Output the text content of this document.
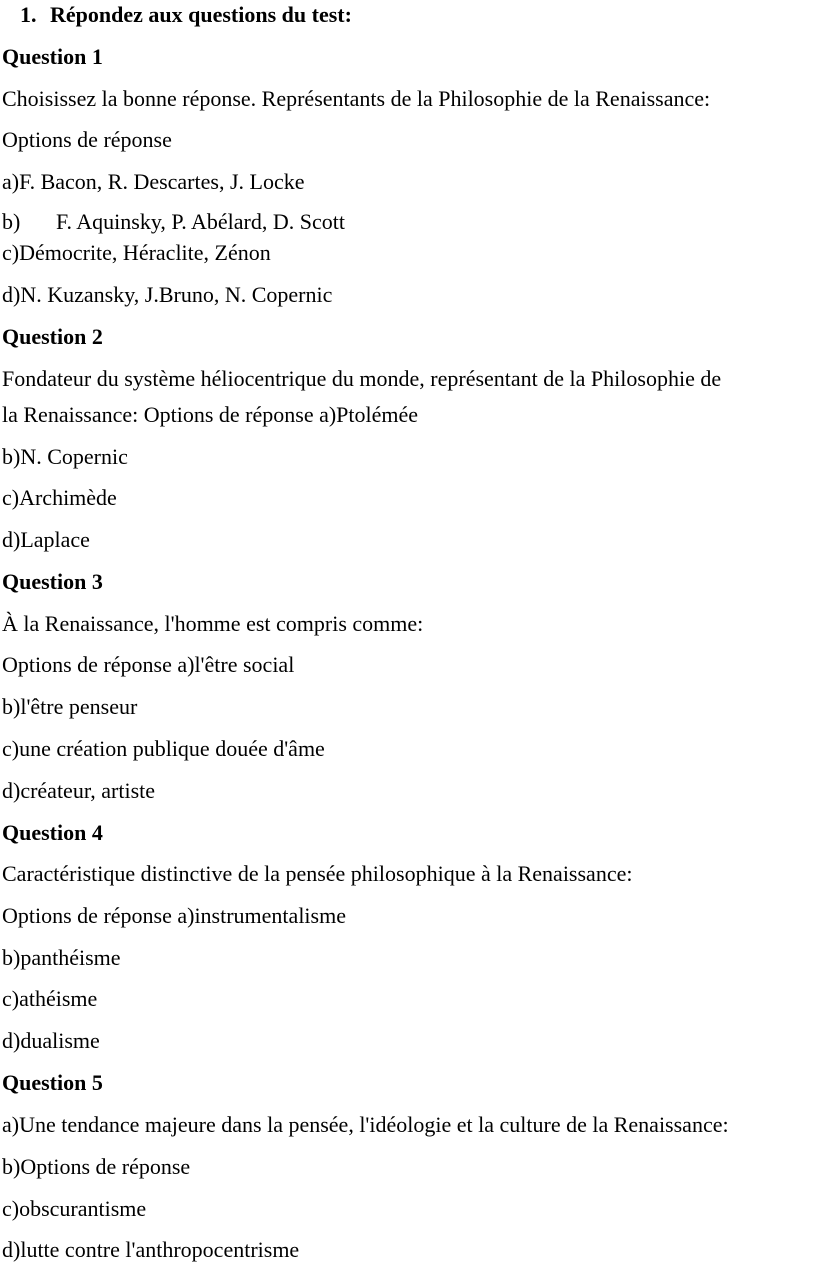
1. Répondez aux questions du test:
Question 1
Choisissez la bonne réponse. Représentants de la Philosophie de la Renaissance:
Options de réponse
a)F. Bacon, R. Descartes, J. Locke
b) F. Aquinsky, P. Abélard, D. Scott
c)Démocrite, Héraclite, Zénon
d)N. Kuzansky, J.Bruno, N. Copernic
Question 2
Fondateur du système héliocentrique du monde, représentant de la Philosophie de
la Renaissance: Options de réponse a)Ptolémée
b)N. Copernic
c)Archimède
d)Laplace
Question 3
À la Renaissance, l'homme est compris comme:
Options de réponse a)l'être social
b)l'être penseur
c)une création publique douée d'âme
d)créateur, artiste
Question 4
Caractéristique distinctive de la pensée philosophique à la Renaissance:
Options de réponse a)instrumentalisme
b)panthéisme
c)athéisme
d)dualisme
Question 5
a)Une tendance majeure dans la pensée, l'idéologie et la culture de la Renaissance:
b)Options de réponse
c)obscurantisme
d)lutte contre l'anthropocentrisme
